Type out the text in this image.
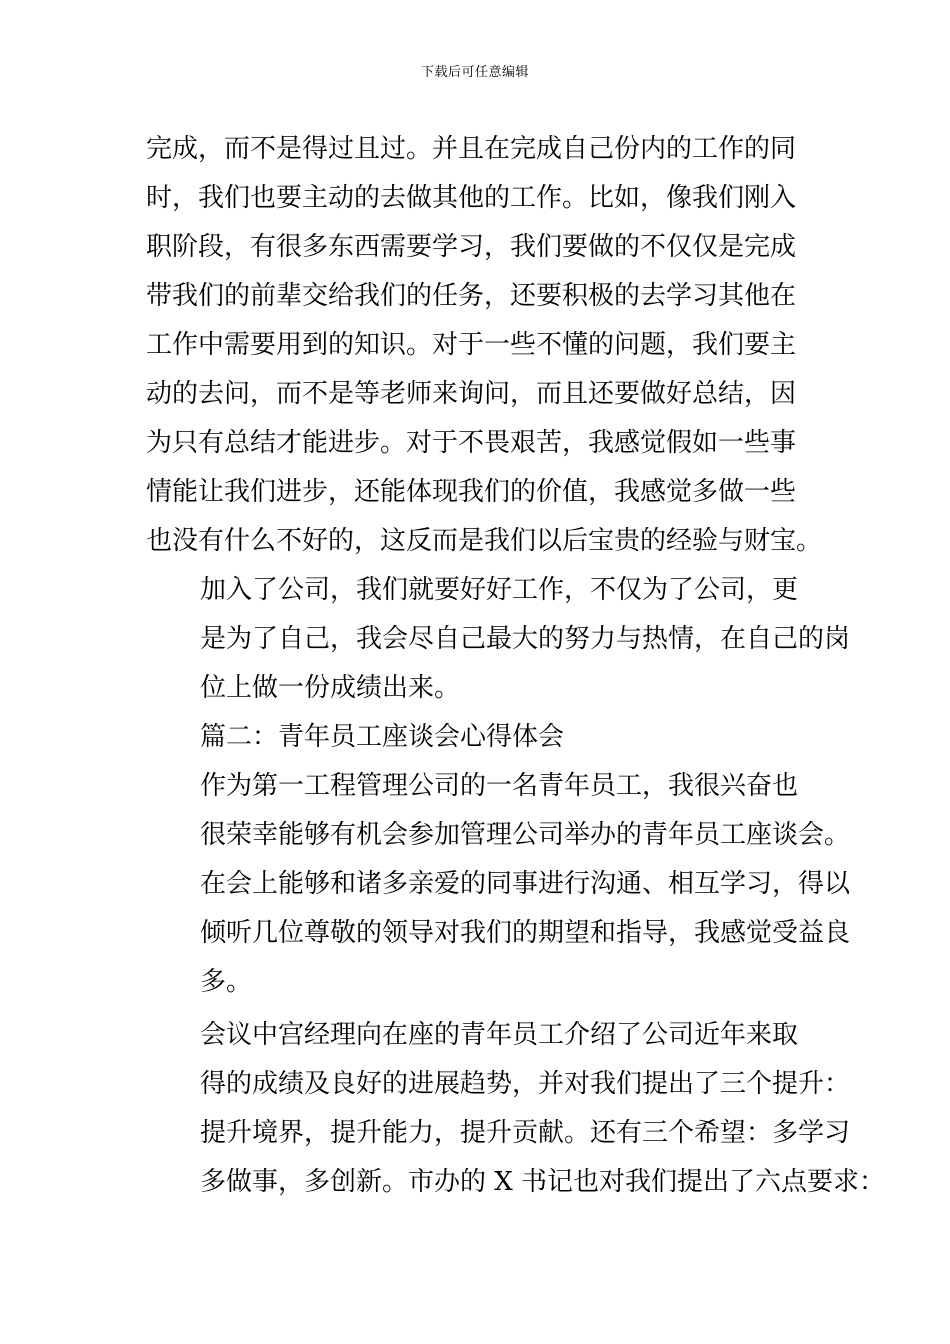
下载后可任意编辑

完成，而不是得过且过。并且在完成自己份内的工作的同
时，我们也要主动的去做其他的工作。比如，像我们刚入
职阶段，有很多东西需要学习，我们要做的不仅仅是完成
带我们的前辈交给我们的任务，还要积极的去学习其他在
工作中需要用到的知识。对于一些不懂的问题，我们要主
动的去问，而不是等老师来询问，而且还要做好总结，因
为只有总结才能进步。对于不畏艰苦，我感觉假如一些事
情能让我们进步，还能体现我们的价值，我感觉多做一些
也没有什么不好的，这反而是我们以后宝贵的经验与财宝。

加入了公司，我们就要好好工作，不仅为了公司，更
是为了自己，我会尽自己最大的努力与热情，在自己的岗
位上做一份成绩出来。

篇二：青年员工座谈会心得体会

作为第一工程管理公司的一名青年员工，我很兴奋也
很荣幸能够有机会参加管理公司举办的青年员工座谈会。
在会上能够和诸多亲爱的同事进行沟通、相互学习，得以
倾听几位尊敬的领导对我们的期望和指导，我感觉受益良
多。

会议中宫经理向在座的青年员工介绍了公司近年来取
得的成绩及良好的进展趋势，并对我们提出了三个提升：
提升境界，提升能力，提升贡献。还有三个希望：多学习
多做事，多创新。市办的 X 书记也对我们提出了六点要求：
